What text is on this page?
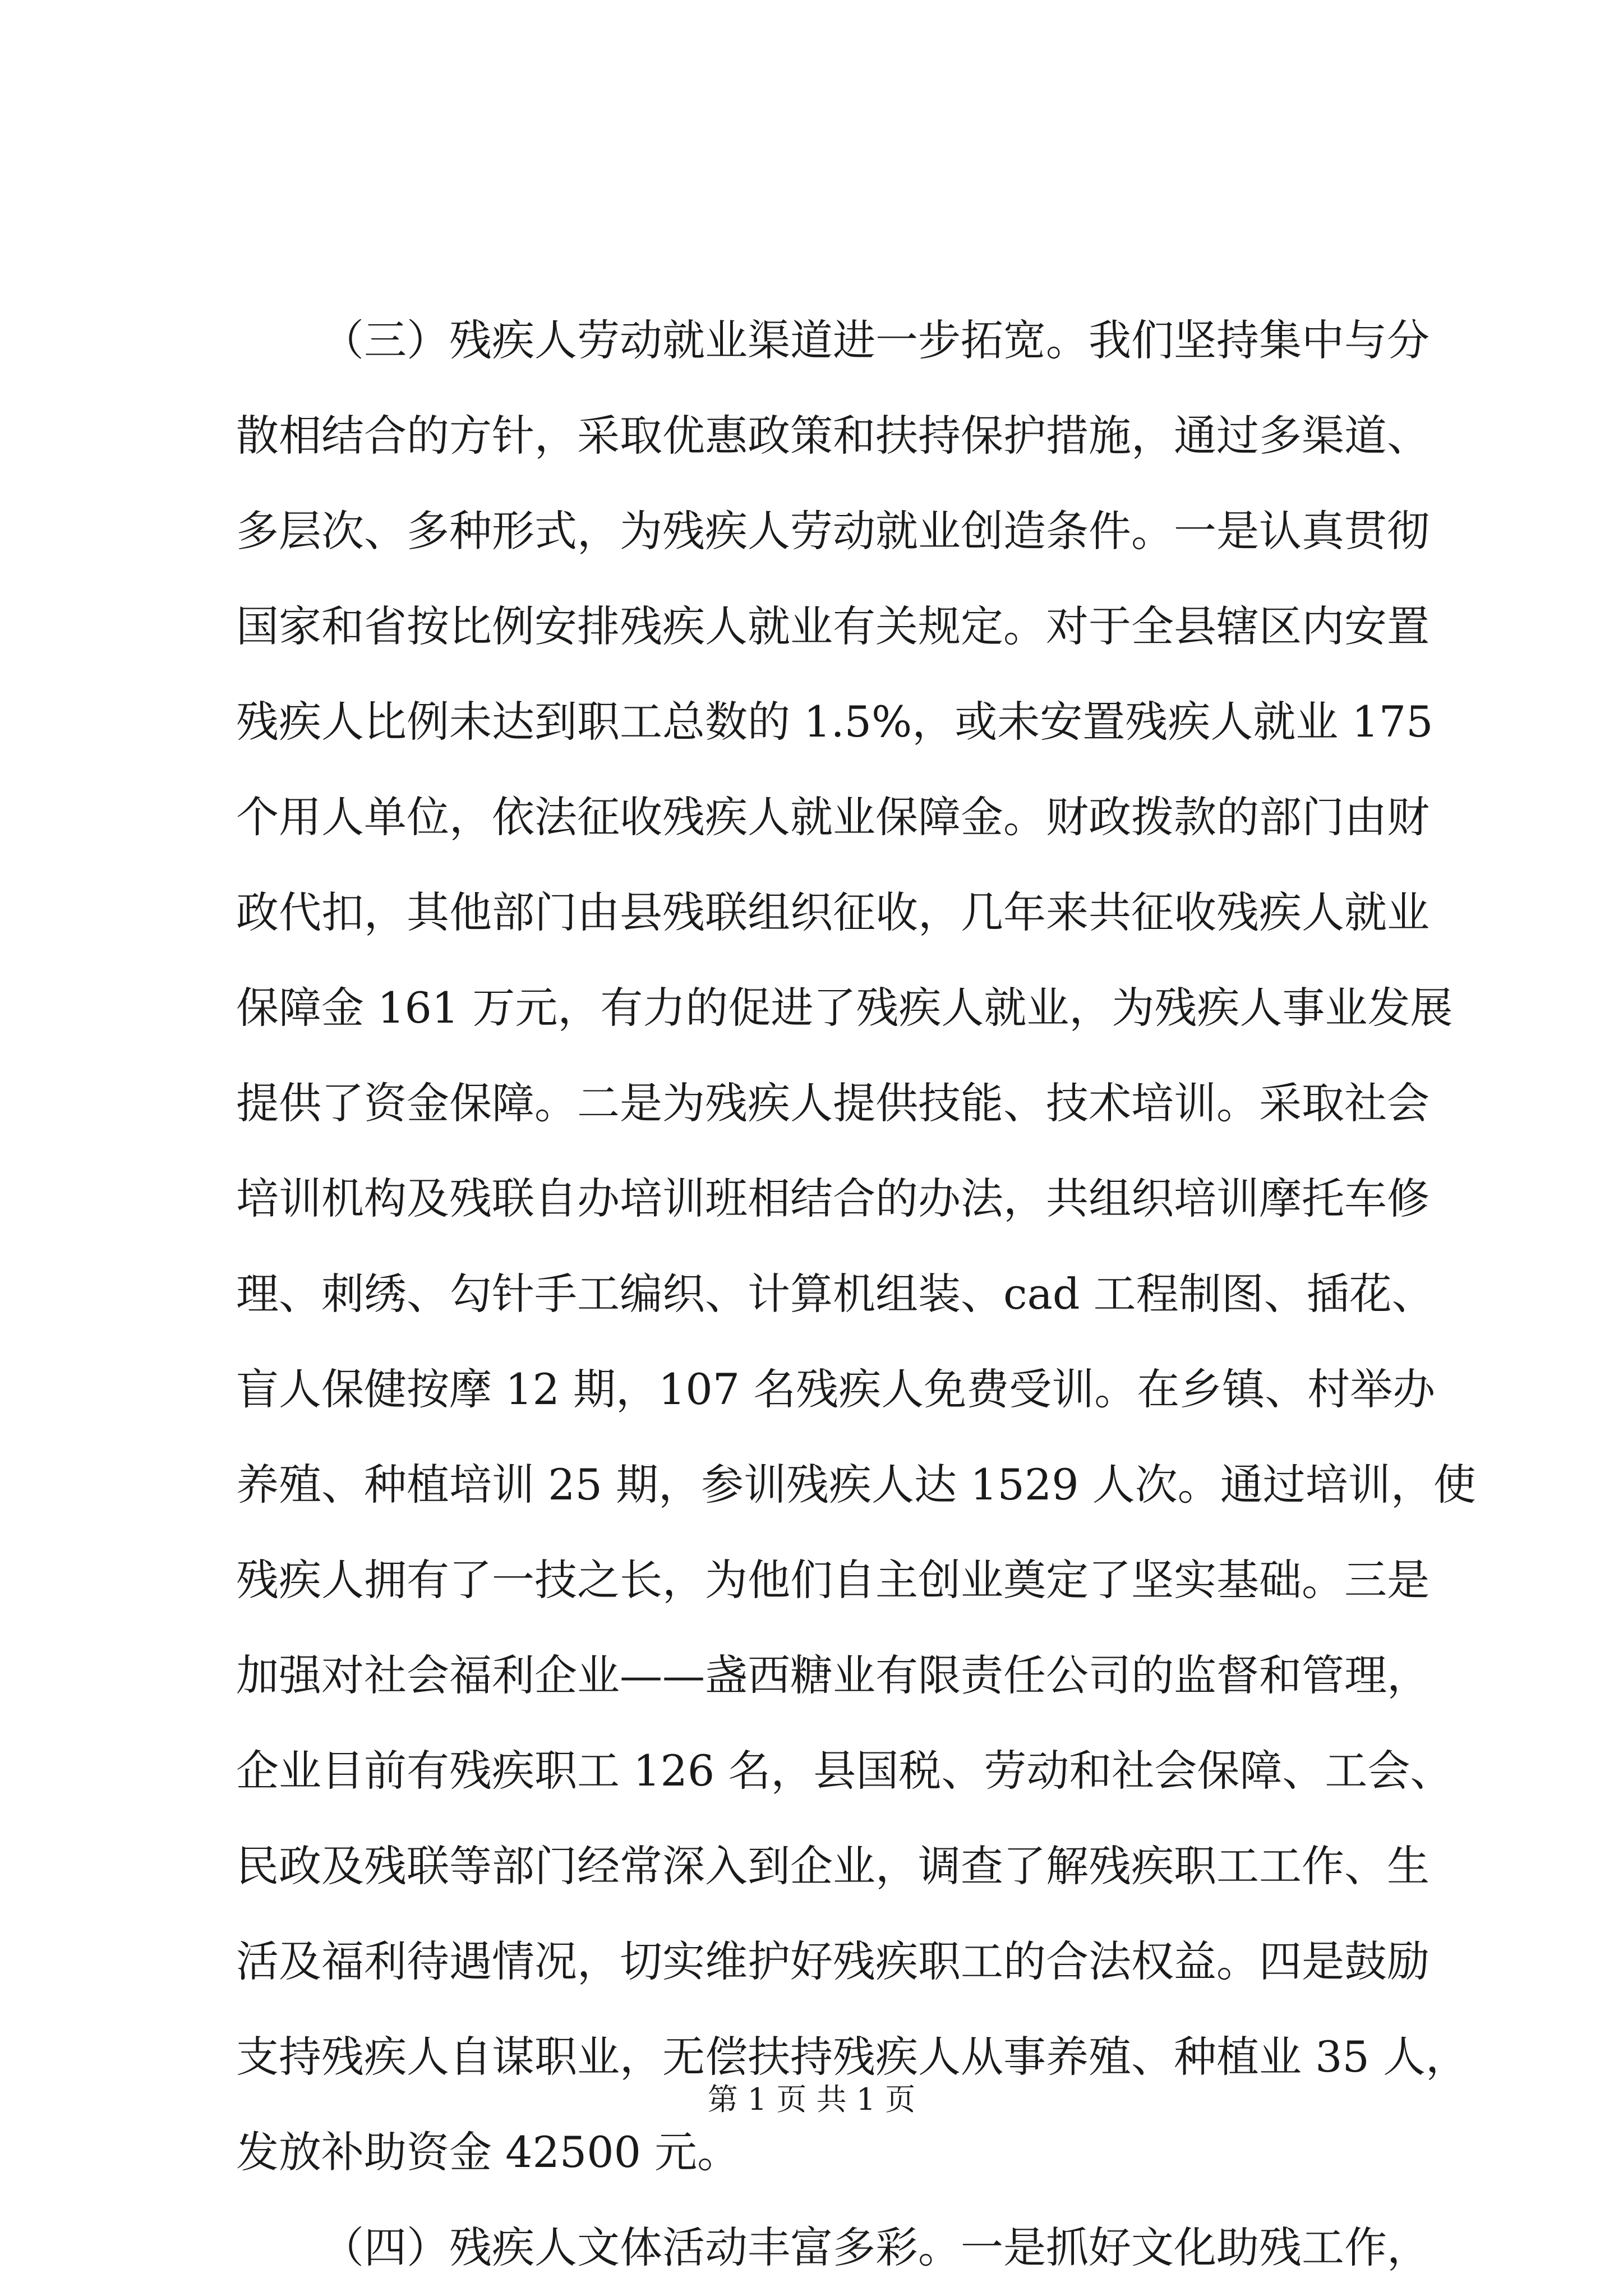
（三）残疾人劳动就业渠道进一步拓宽。我们坚持集中与分
散相结合的方针，采取优惠政策和扶持保护措施，通过多渠道、
多层次、多种形式，为残疾人劳动就业创造条件。一是认真贯彻
国家和省按比例安排残疾人就业有关规定。对于全县辖区内安置
残疾人比例未达到职工总数的 1.5%，或未安置残疾人就业 175
个用人单位，依法征收残疾人就业保障金。财政拨款的部门由财
政代扣，其他部门由县残联组织征收，几年来共征收残疾人就业
保障金 161 万元，有力的促进了残疾人就业，为残疾人事业发展
提供了资金保障。二是为残疾人提供技能、技术培训。采取社会
培训机构及残联自办培训班相结合的办法，共组织培训摩托车修
理、刺绣、勾针手工编织、计算机组装、cad 工程制图、插花、
盲人保健按摩 12 期，107 名残疾人免费受训。在乡镇、村举办
养殖、种植培训 25 期，参训残疾人达 1529 人次。通过培训，使
残疾人拥有了一技之长，为他们自主创业奠定了坚实基础。三是
加强对社会福利企业——盏西糖业有限责任公司的监督和管理，
企业目前有残疾职工 126 名，县国税、劳动和社会保障、工会、
民政及残联等部门经常深入到企业，调查了解残疾职工工作、生
活及福利待遇情况，切实维护好残疾职工的合法权益。四是鼓励
支持残疾人自谋职业，无偿扶持残疾人从事养殖、种植业 35 人，
发放补助资金 42500 元。
（四）残疾人文体活动丰富多彩。一是抓好文化助残工作，
第 1 页 共 1 页
